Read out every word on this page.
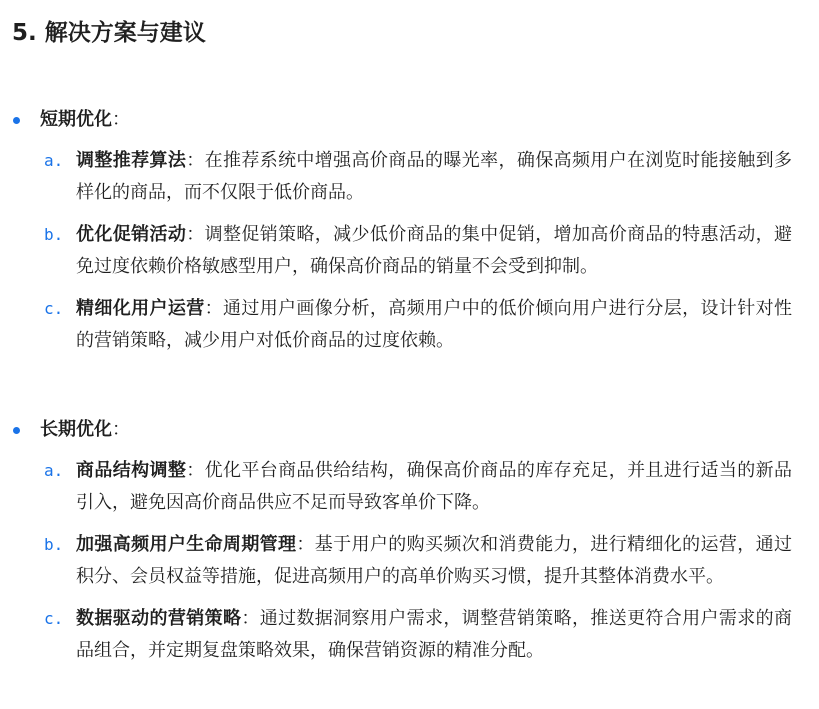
5. 解决方案与建议
短期优化：
a. 调整推荐算法：在推荐系统中增强高价商品的曝光率，确保高频用户在浏览时能接触到多样化的商品，而不仅限于低价商品。
b. 优化促销活动：调整促销策略，减少低价商品的集中促销，增加高价商品的特惠活动，避免过度依赖价格敏感型用户，确保高价商品的销量不会受到抑制。
c. 精细化用户运营：通过用户画像分析，高频用户中的低价倾向用户进行分层，设计针对性的营销策略，减少用户对低价商品的过度依赖。
长期优化：
a. 商品结构调整：优化平台商品供给结构，确保高价商品的库存充足，并且进行适当的新品引入，避免因高价商品供应不足而导致客单价下降。
b. 加强高频用户生命周期管理：基于用户的购买频次和消费能力，进行精细化的运营，通过积分、会员权益等措施，促进高频用户的高单价购买习惯，提升其整体消费水平。
c. 数据驱动的营销策略：通过数据洞察用户需求，调整营销策略，推送更符合用户需求的商品组合，并定期复盘策略效果，确保营销资源的精准分配。
